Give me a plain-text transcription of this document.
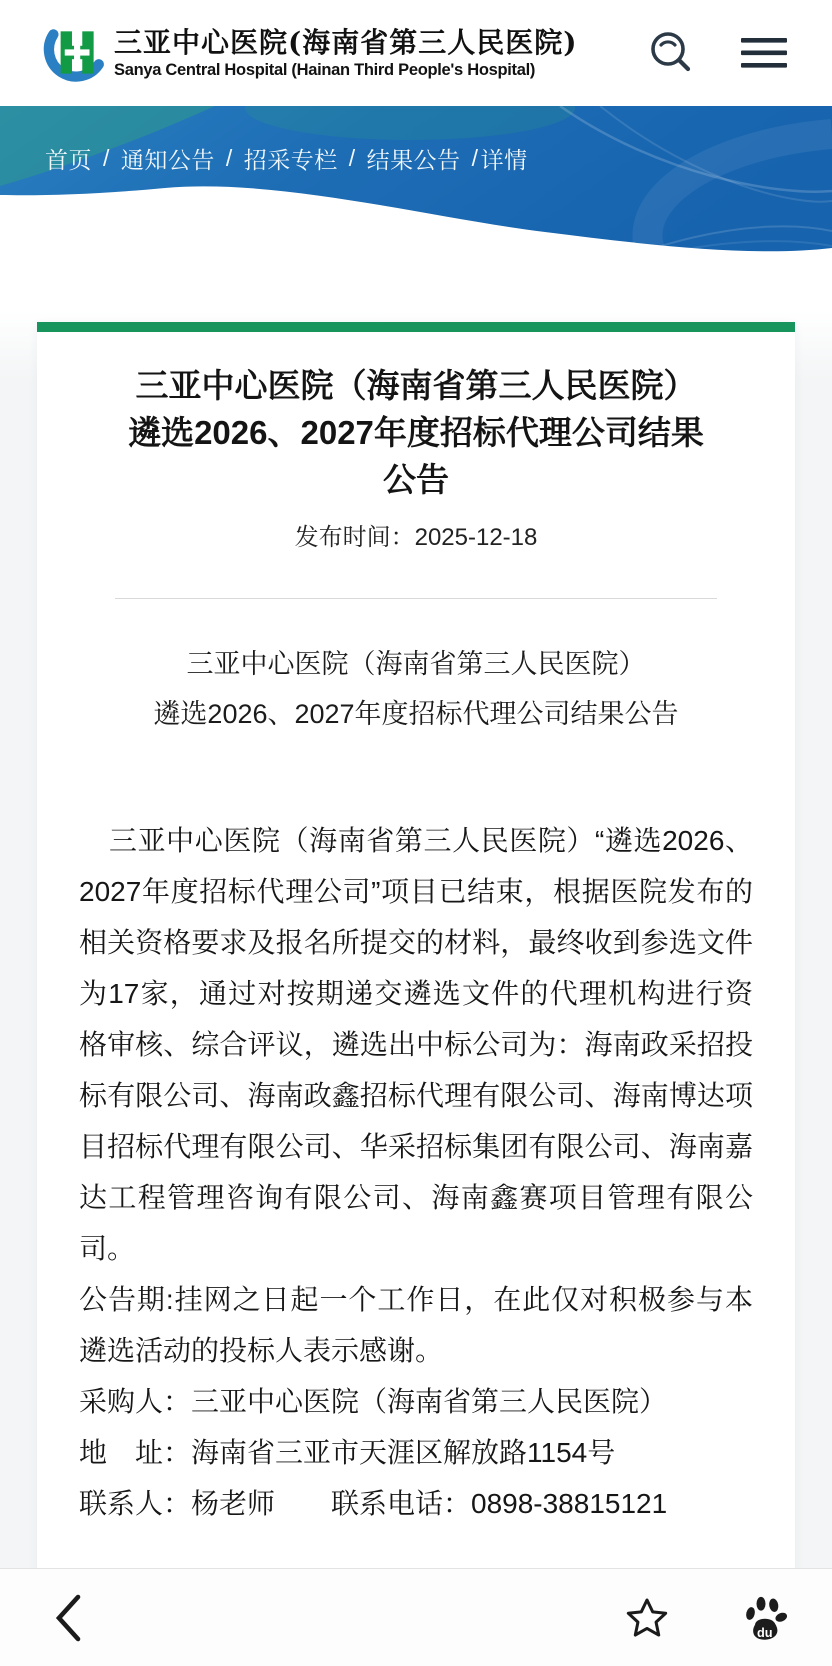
三亚中心医院(海南省第三人民医院)
Sanya Central Hospital (Hainan Third People's Hospital)
首页 / 通知公告 / 招采专栏 / 结果公告 / 详情
三亚中心医院（海南省第三人民医院） 遴选2026、2027年度招标代理公司结果公告
发布时间：2025-12-18

三亚中心医院（海南省第三人民医院）

遴选2026、2027年度招标代理公司结果公告

三亚中心医院（海南省第三人民医院）“遴选2026、2027年度招标代理公司”项目已结束，根据医院发布的相关资格要求及报名所提交的材料，最终收到参选文件为17家，通过对按期递交遴选文件的代理机构进行资格审核、综合评议，遴选出中标公司为：海南政采招投标有限公司、海南政鑫招标代理有限公司、海南博达项目招标代理有限公司、华采招标集团有限公司、海南嘉达工程管理咨询有限公司、海南鑫赛项目管理有限公司。

公告期:挂网之日起一个工作日，在此仅对积极参与本遴选活动的投标人表示感谢。

采购人：三亚中心医院（海南省第三人民医院）

地　址：海南省三亚市天涯区解放路1154号

联系人：杨老师　　联系电话：0898-38815121

du
